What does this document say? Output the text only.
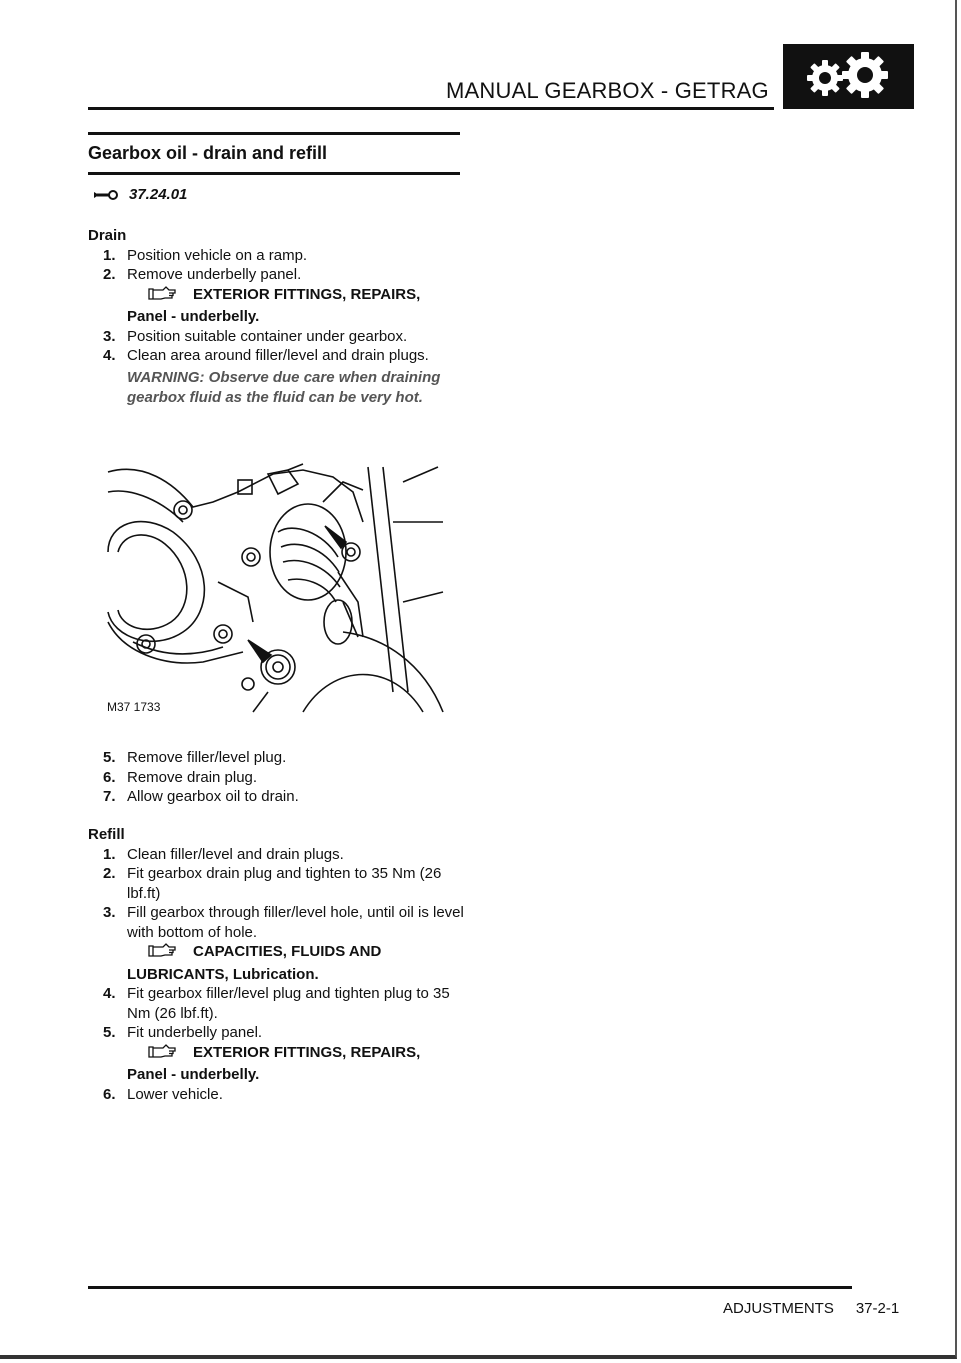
MANUAL GEARBOX - GETRAG
Gearbox oil - drain and refill
37.24.01
Drain
1. Position vehicle on a ramp.
2. Remove underbelly panel.
EXTERIOR FITTINGS, REPAIRS,
Panel - underbelly.
3. Position suitable container under gearbox.
4. Clean area around filler/level and drain plugs.
WARNING: Observe due care when draining gearbox fluid as the fluid can be very hot.
M37 1733
5. Remove filler/level plug.
6. Remove drain plug.
7. Allow gearbox oil to drain.
Refill
1. Clean filler/level and drain plugs.
2. Fit gearbox drain plug and tighten to 35 Nm (26 lbf.ft)
3. Fill gearbox through filler/level hole, until oil is level with bottom of hole.
CAPACITIES, FLUIDS AND
LUBRICANTS, Lubrication.
4. Fit gearbox filler/level plug and tighten plug to 35 Nm (26 lbf.ft).
5. Fit underbelly panel.
EXTERIOR FITTINGS, REPAIRS,
Panel - underbelly.
6. Lower vehicle.
ADJUSTMENTS 37-2-1
